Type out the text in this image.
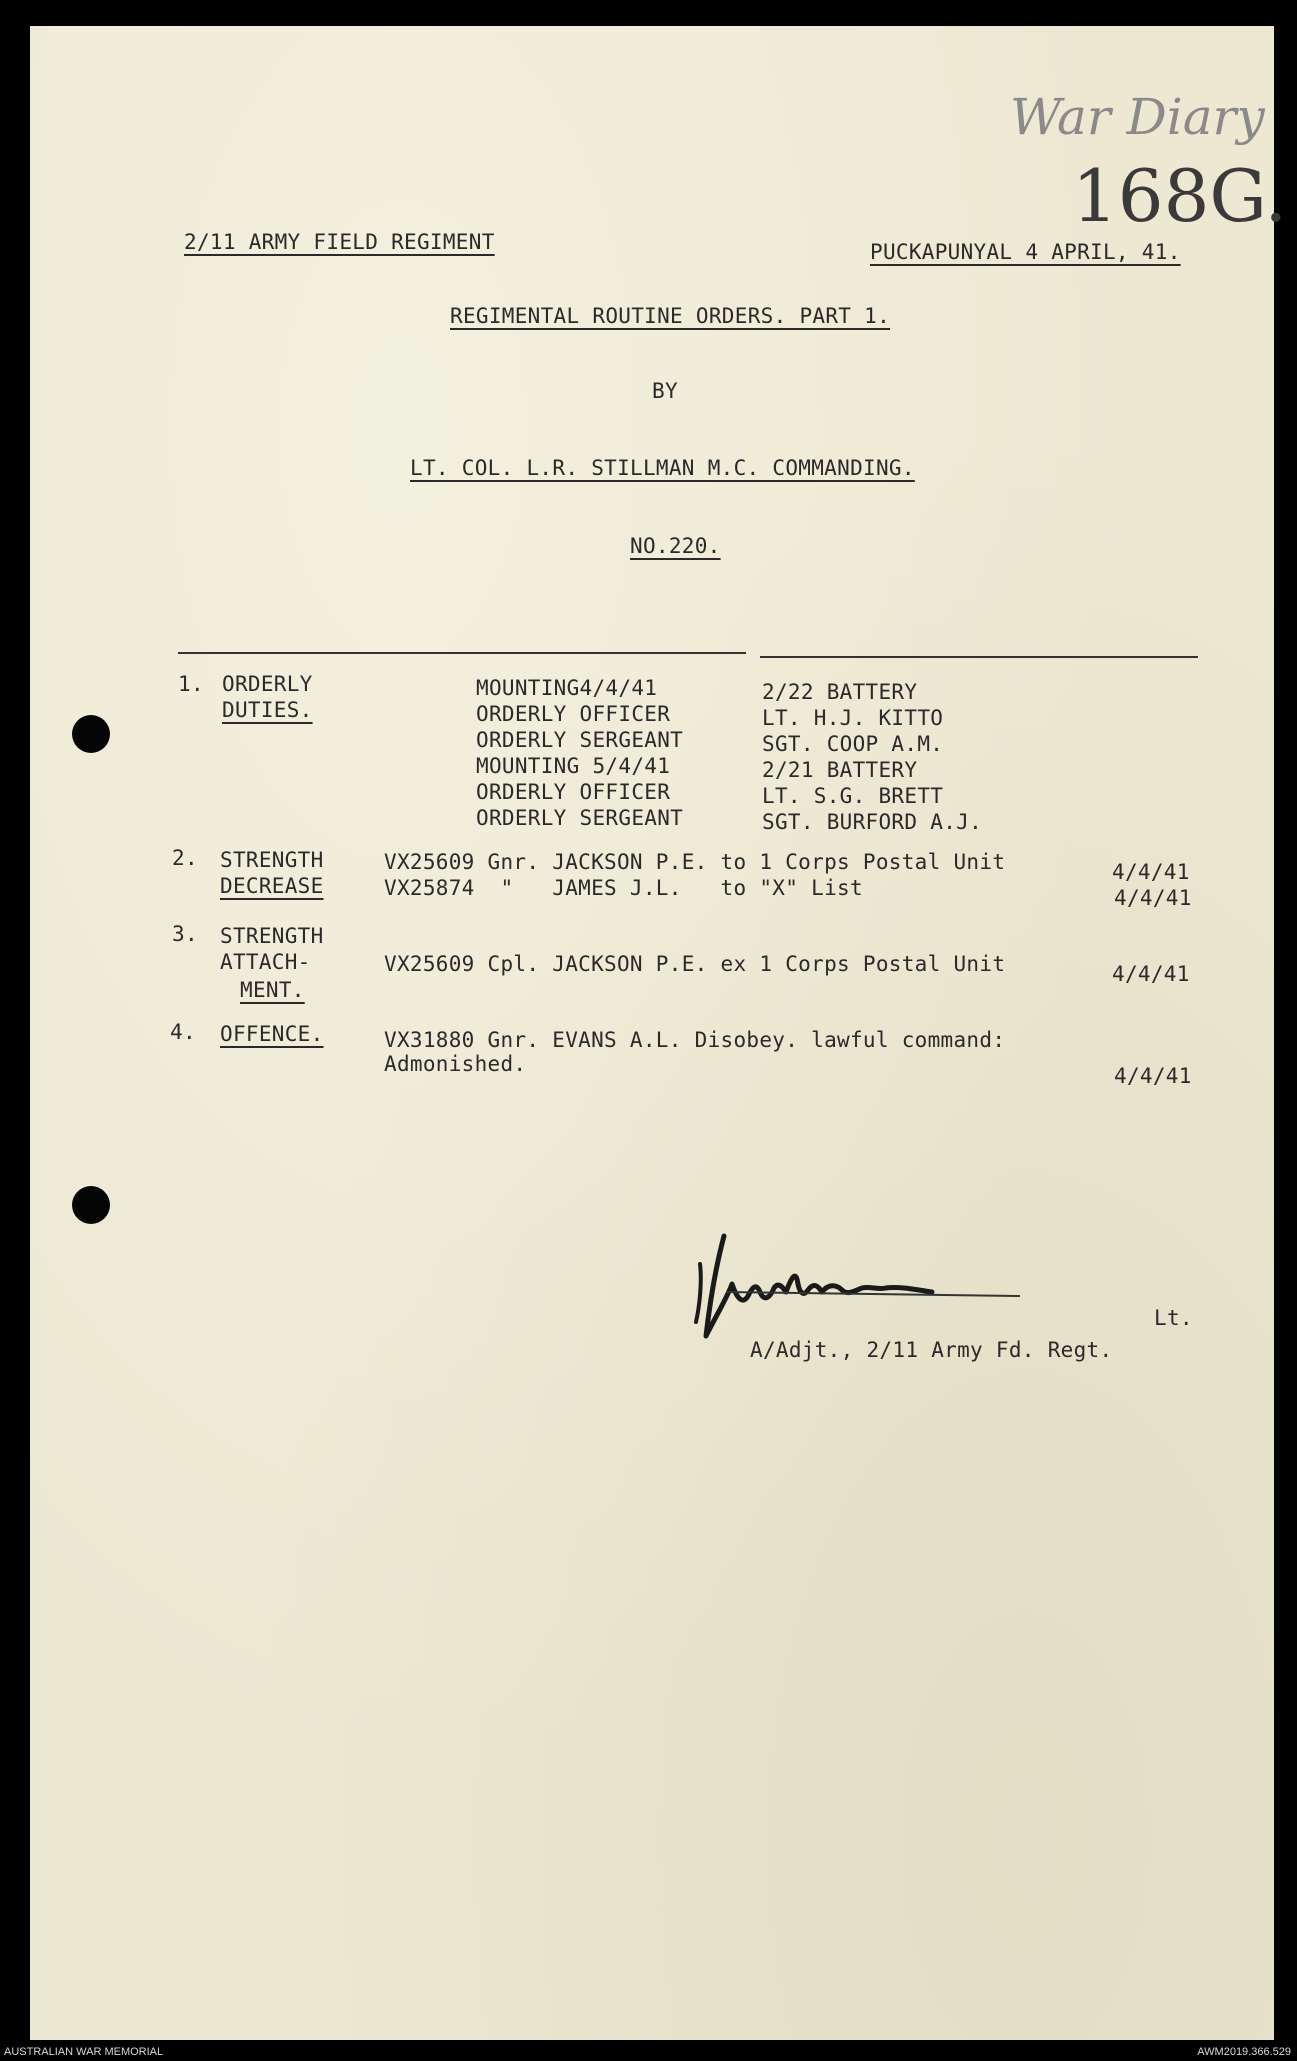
War Diary
168G.
2/11 ARMY FIELD REGIMENT	PUCKAPUNYAL 4 APRIL, 41.
REGIMENTAL ROUTINE ORDERS. PART 1.
BY
LT. COL. L.R. STILLMAN M.C. COMMANDING.
NO.220.
1. ORDERLY
DUTIES.
MOUNTING4/4/41	2/22 BATTERY
ORDERLY OFFICER	LT. H.J. KITTO
ORDERLY SERGEANT	SGT. COOP A.M.
MOUNTING 5/4/41	2/21 BATTERY
ORDERLY OFFICER	LT. S.G. BRETT
ORDERLY SERGEANT	SGT. BURFORD A.J.
2. STRENGTH
DECREASE
VX25609 Gnr. JACKSON P.E. to 1 Corps Postal Unit	4/4/41
VX25874  "   JAMES J.L.   to "X" List	4/4/41
3. STRENGTH
ATTACH-
MENT.
VX25609 Cpl. JACKSON P.E. ex 1 Corps Postal Unit	4/4/41
4. OFFENCE.	VX31880 Gnr. EVANS A.L. Disobey. lawful command:
Admonished.	4/4/41
Lt.
A/Adjt., 2/11 Army Fd. Regt.
AUSTRALIAN WAR MEMORIAL	AWM2019.366.529
